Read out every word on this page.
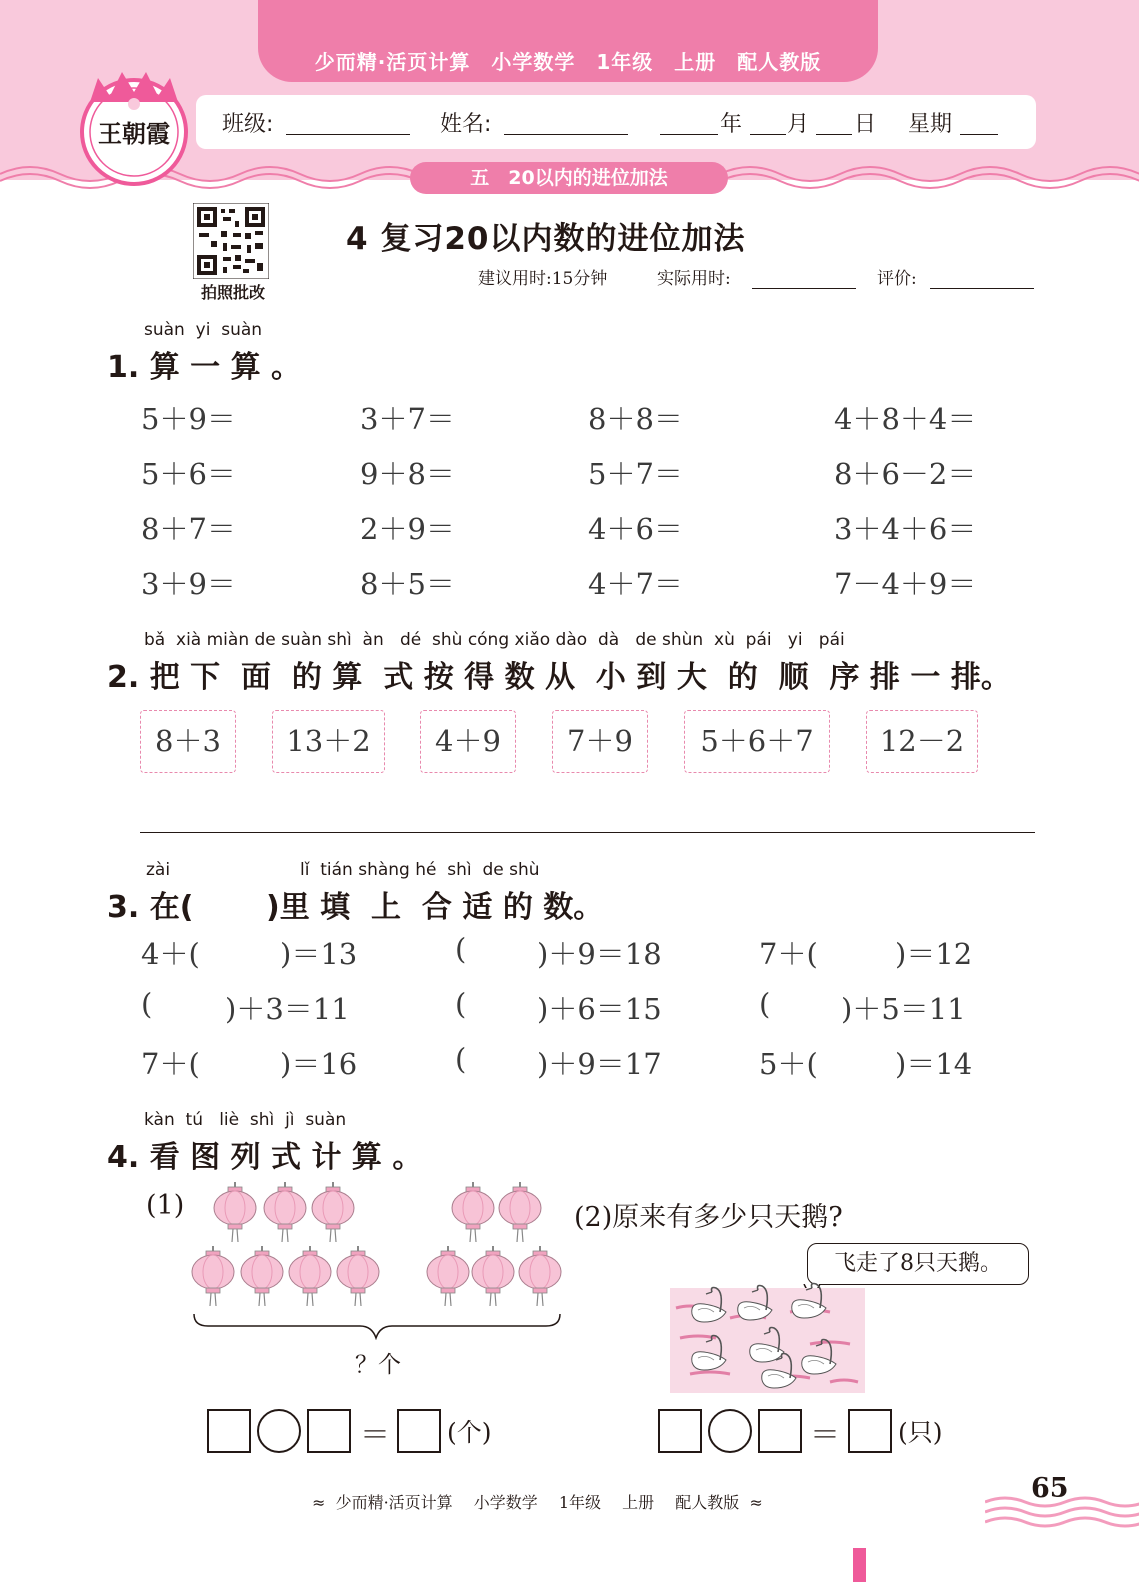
少而精·活页计算　小学数学　1年级　上册　配人教版
班级:	姓名:	年 月 日 星期
五　20以内的进位加法
王朝霞
拍照批改
4 复习20以内数的进位加法
建议用时:15分钟	实际用时:	评价:
suàn  yi  suàn
1. 算 一 算 。
5＋9＝	3＋7＝	8＋8＝	4＋8＋4＝
5＋6＝	9＋8＝	5＋7＝	8＋6－2＝
8＋7＝	2＋9＝	4＋6＝	3＋4＋6＝
3＋9＝	8＋5＝	4＋7＝	7－4＋9＝
bǎ  xià miàn de suàn shì  àn   dé  shù cóng xiǎo dào  dà   de shùn  xù  pái   yi   pái
2. 把 下  面  的 算  式 按 得 数 从  小 到 大  的  顺  序 排 一 排。
8＋3	13＋2	4＋9	7＋9	5＋6＋7	12－2
zài	lǐ  tián shàng hé  shì  de shù
3. 在( )里 填  上  合 适 的 数。
4＋(	)＝13	( )＋9＝18	7＋(	)＝12
(	)＋3＝11	( )＋6＝15	( )＋5＝11
7＋(	)＝16	( )＋9＝17	5＋(	)＝14
kàn  tú   liè  shì  jì  suàn
4. 看 图 列 式 计 算 。
(1)
？个
(2)原来有多少只天鹅?
飞走了8只天鹅。
＝ (个)	＝ (只)
≈  少而精·活页计算　 小学数学　 1年级　 上册　 配人教版  ≈	65
